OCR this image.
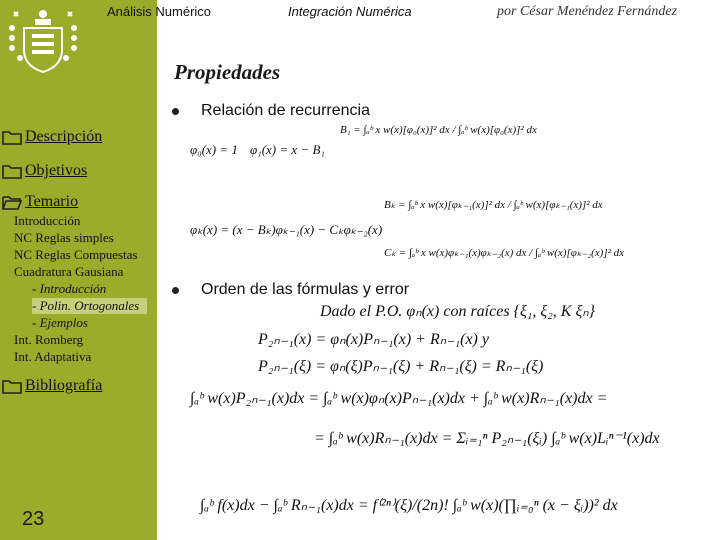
Análisis Numérico	Integración Numérica	por César Menéndez Fernández
Propiedades
Descripción
Objetivos
Temario
Introducción
NC Reglas simples
NC Reglas Compuestas
Cuadratura Gausiana
- Introducción
- Polin. Ortogonales
- Ejemplos
Int. Romberg
Int. Adaptativa
Bibliografía
23
Relación de recurrencia
Orden de las fórmulas y error
φ₀(x) = 1 φ₁(x) = x − B₁
B₁ = ∫ₐᵇ x w(x)[φ₀(x)]² dx / ∫ₐᵇ w(x)[φ₀(x)]² dx
φₖ(x) = (x − Bₖ)φₖ₋₁(x) − Cₖφₖ₋₂(x)
Bₖ = ∫ₐᵇ x w(x)[φₖ₋₁(x)]² dx / ∫ₐᵇ w(x)[φₖ₋₁(x)]² dx
Cₖ = ∫ₐᵇ x w(x)φₖ₋₁(x)φₖ₋₂(x) dx / ∫ₐᵇ w(x)[φₖ₋₂(x)]² dx
Dado el P.O. φₙ(x) con raíces {ξ₁, ξ₂, K ξₙ}
P₂ₙ₋₁(x) = φₙ(x)Pₙ₋₁(x) + Rₙ₋₁(x) y
P₂ₙ₋₁(ξ) = φₙ(ξ)Pₙ₋₁(ξ) + Rₙ₋₁(ξ) = Rₙ₋₁(ξ)
∫ₐᵇ w(x)P₂ₙ₋₁(x)dx = ∫ₐᵇ w(x)φₙ(x)Pₙ₋₁(x)dx + ∫ₐᵇ w(x)Rₙ₋₁(x)dx =
= ∫ₐᵇ w(x)Rₙ₋₁(x)dx = Σᵢ₌₁ⁿ P₂ₙ₋₁(ξᵢ) ∫ₐᵇ w(x)Lᵢⁿ⁻¹(x)dx
∫ₐᵇ f(x)dx − ∫ₐᵇ Rₙ₋₁(x)dx = f⁽²ⁿ⁾(ξ)/(2n)! ∫ₐᵇ w(x)(∏ᵢ₌₀ⁿ (x − ξᵢ))² dx
